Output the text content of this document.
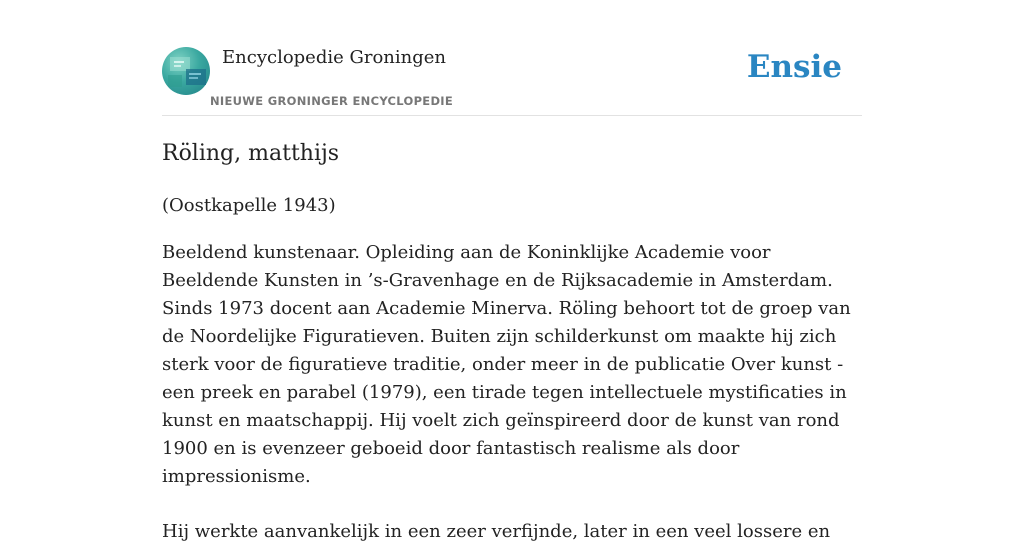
Encyclopedie Groningen
NIEUWE GRONINGER ENCYCLOPEDIE
Ensie
Röling, matthijs

(Oostkapelle 1943)

Beeldend kunstenaar. Opleiding aan de Koninklijke Academie voor Beeldende Kunsten in ’s-Gravenhage en de Rijksacademie in Amsterdam. Sinds 1973 docent aan Academie Minerva. Röling behoort tot de groep van de Noordelijke Figuratieven. Buiten zijn schilderkunst om maakte hij zich sterk voor de figuratieve traditie, onder meer in de publicatie Over kunst - een preek en parabel (1979), een tirade tegen intellectuele mystificaties in kunst en maatschappij. Hij voelt zich geïnspireerd door de kunst van rond 1900 en is evenzeer geboeid door fantastisch realisme als door impressionisme.

Hij werkte aanvankelijk in een zeer verfijnde, later in een veel lossere en
